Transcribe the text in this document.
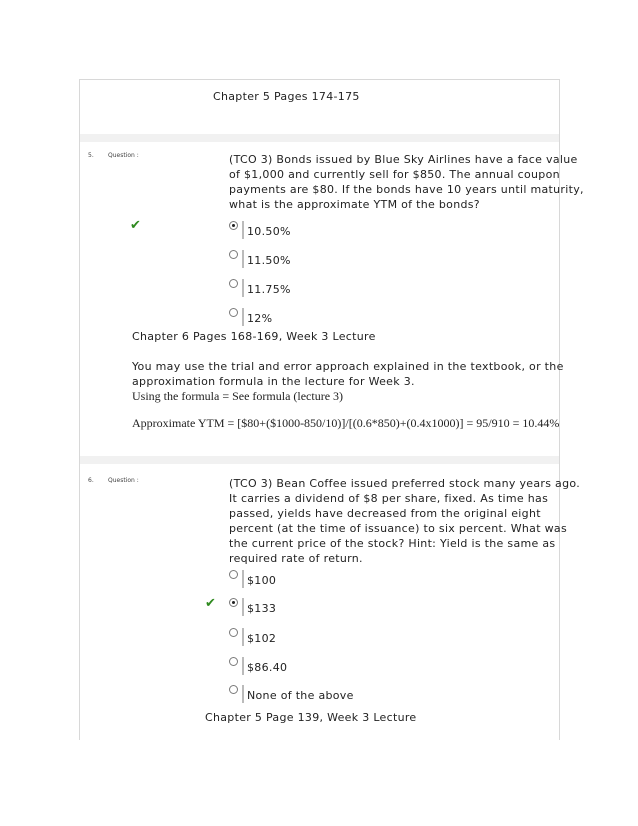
Chapter 5 Pages 174-175
5. Question :	(TCO 3) Bonds issued by Blue Sky Airlines have a face value
of $1,000 and currently sell for $850. The annual coupon
payments are $80. If the bonds have 10 years until maturity,
what is the approximate YTM of the bonds?
✔	10.50%
11.50%
11.75%
12%
Chapter 6 Pages 168-169, Week 3 Lecture
You may use the trial and error approach explained in the textbook, or the
approximation formula in the lecture for Week 3.
Using the formula = See formula (lecture 3)
Approximate YTM = [$80+($1000-850/10)]/[(0.6*850)+(0.4x1000)] = 95/910 = 10.44%
6. Question :	(TCO 3) Bean Coffee issued preferred stock many years ago.
It carries a dividend of $8 per share, fixed. As time has
passed, yields have decreased from the original eight
percent (at the time of issuance) to six percent. What was
the current price of the stock? Hint: Yield is the same as
required rate of return.
$100
✔	$133
$102
$86.40
None of the above
Chapter 5 Page 139, Week 3 Lecture
